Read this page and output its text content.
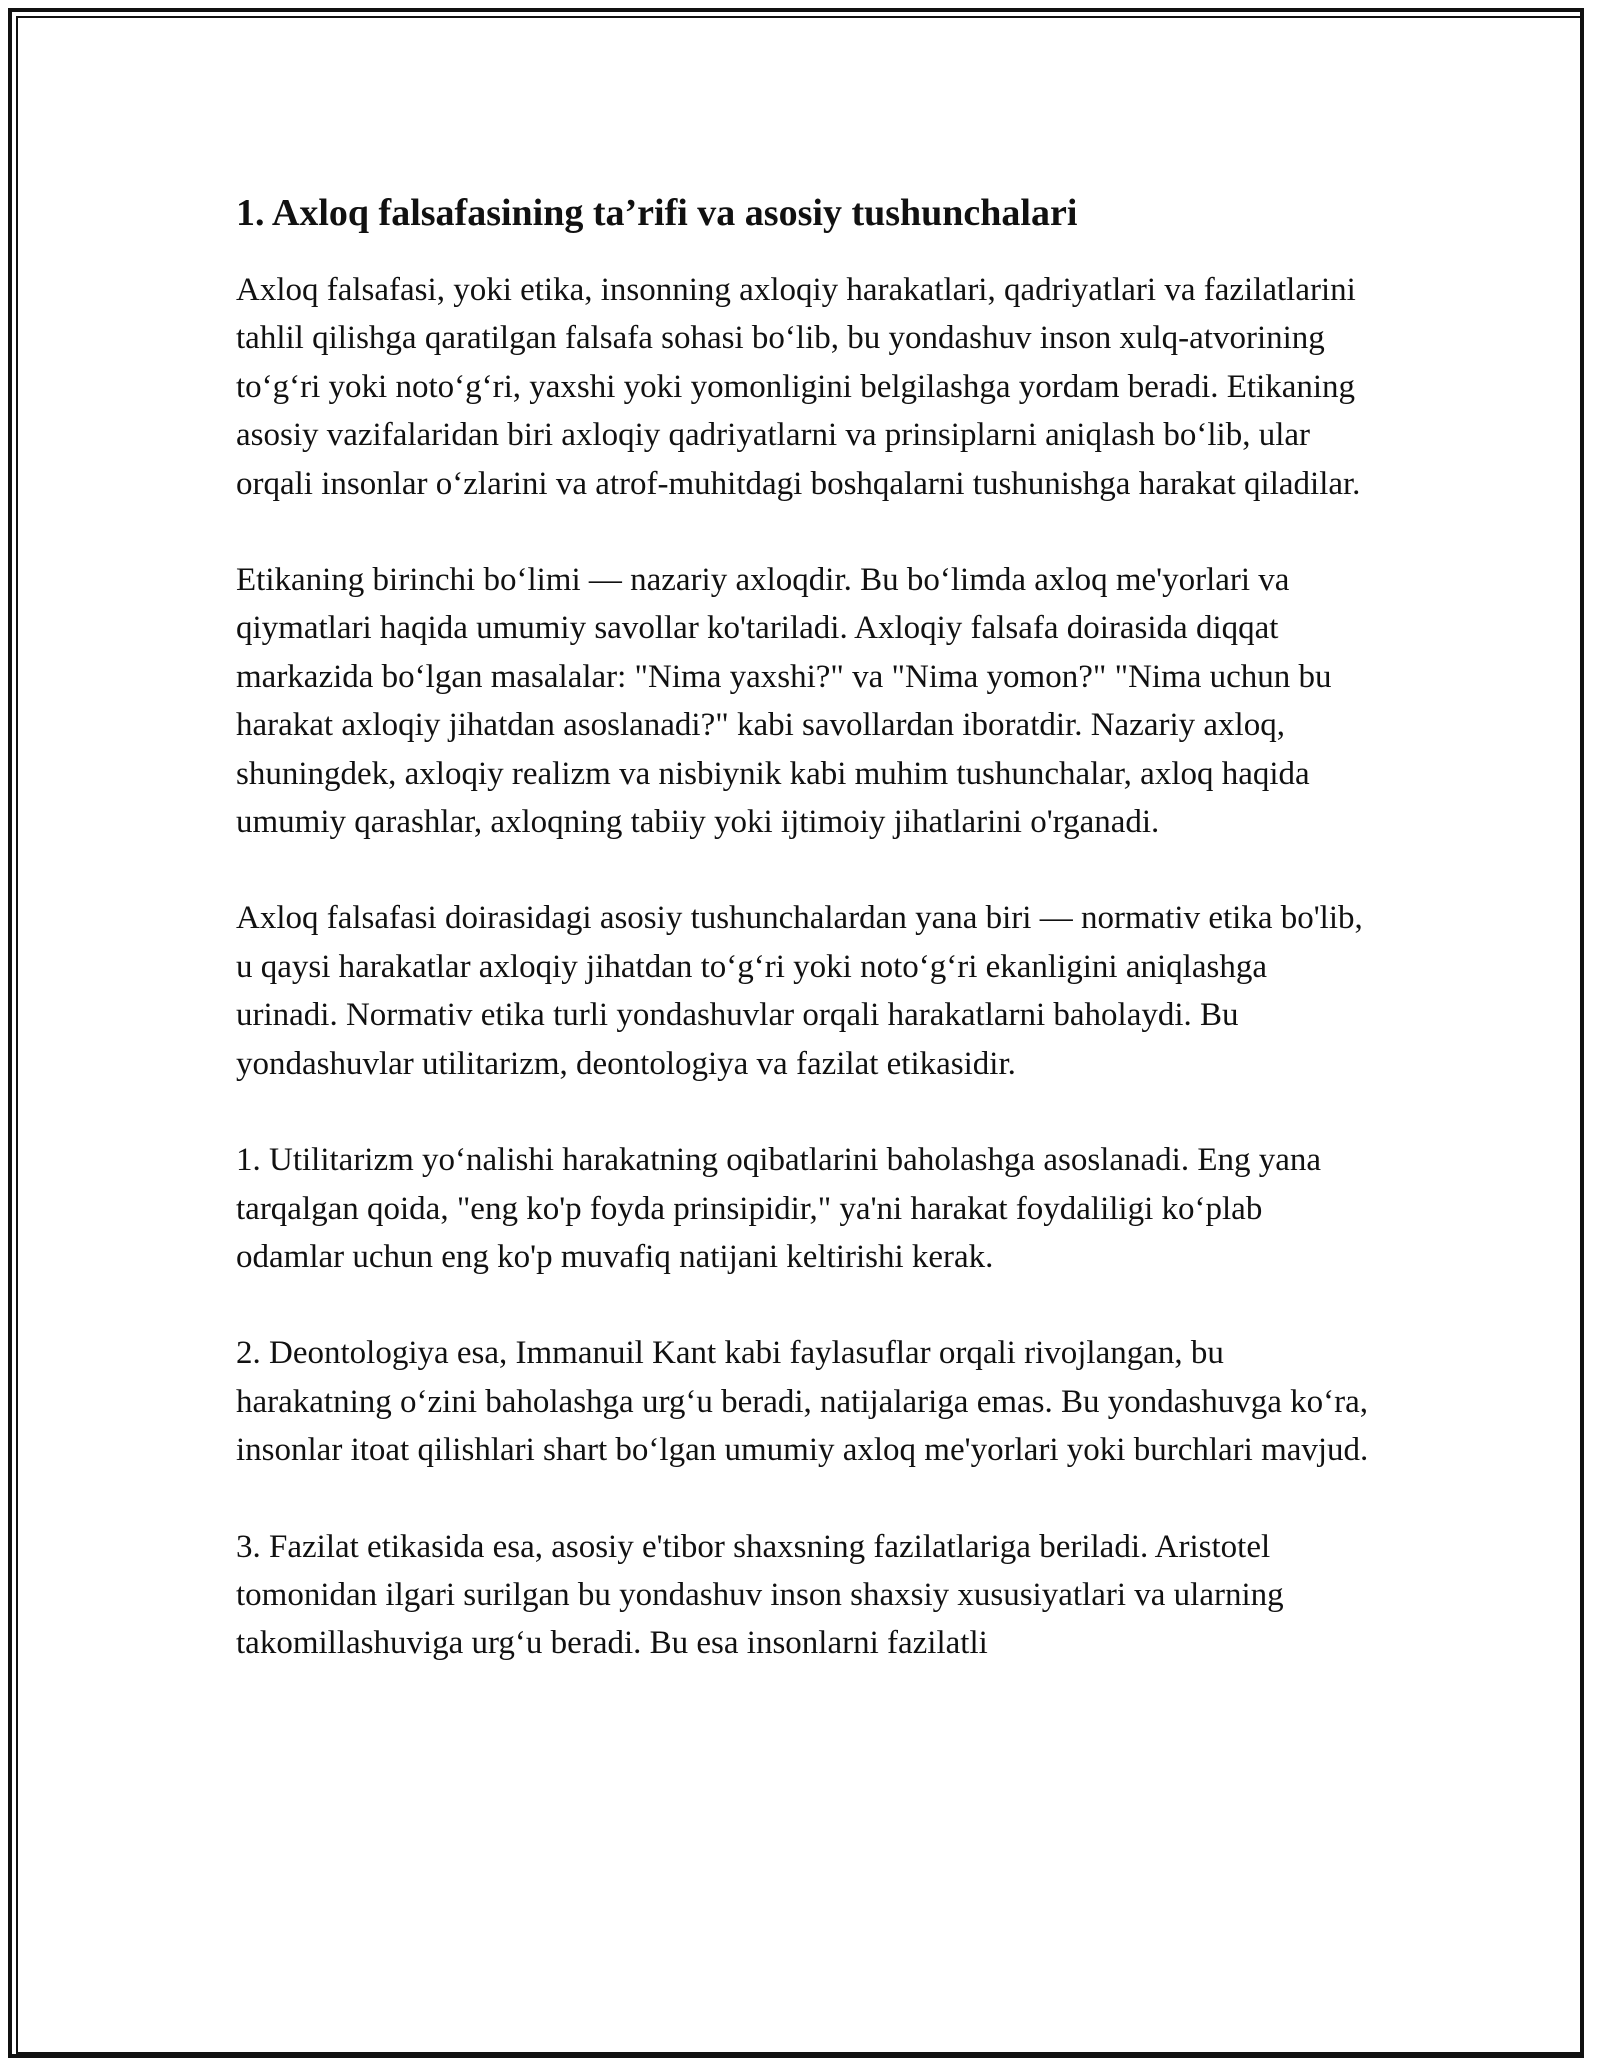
1. Axloq falsafasining ta’rifi va asosiy tushunchalari

Axloq falsafasi, yoki etika, insonning axloqiy harakatlari, qadriyatlari va fazilatlarini tahlil qilishga qaratilgan falsafa sohasi bo‘lib, bu yondashuv inson xulq-atvorining to‘g‘ri yoki noto‘g‘ri, yaxshi yoki yomonligini belgilashga yordam beradi. Etikaning asosiy vazifalaridan biri axloqiy qadriyatlarni va prinsiplarni aniqlash bo‘lib, ular orqali insonlar o‘zlarini va atrof-muhitdagi boshqalarni tushunishga harakat qiladilar.

Etikaning birinchi bo‘limi — nazariy axloqdir. Bu bo‘limda axloq me'yorlari va qiymatlari haqida umumiy savollar ko'tariladi. Axloqiy falsafa doirasida diqqat markazida bo‘lgan masalalar: "Nima yaxshi?" va "Nima yomon?" "Nima uchun bu harakat axloqiy jihatdan asoslanadi?" kabi savollardan iboratdir. Nazariy axloq, shuningdek, axloqiy realizm va nisbiynik kabi muhim tushunchalar, axloq haqida umumiy qarashlar, axloqning tabiiy yoki ijtimoiy jihatlarini o'rganadi.

Axloq falsafasi doirasidagi asosiy tushunchalardan yana biri — normativ etika bo'lib, u qaysi harakatlar axloqiy jihatdan to‘g‘ri yoki noto‘g‘ri ekanligini aniqlashga urinadi. Normativ etika turli yondashuvlar orqali harakatlarni baholaydi. Bu yondashuvlar utilitarizm, deontologiya va fazilat etikasidir.

1. Utilitarizm yo‘nalishi harakatning oqibatlarini baholashga asoslanadi. Eng yana tarqalgan qoida, "eng ko'p foyda prinsipidir," ya'ni harakat foydaliligi ko‘plab odamlar uchun eng ko'p muvafiq natijani keltirishi kerak.

2. Deontologiya esa, Immanuil Kant kabi faylasuflar orqali rivojlangan, bu harakatning o‘zini baholashga urg‘u beradi, natijalariga emas. Bu yondashuvga ko‘ra, insonlar itoat qilishlari shart bo‘lgan umumiy axloq me'yorlari yoki burchlari mavjud.

3. Fazilat etikasida esa, asosiy e'tibor shaxsning fazilatlariga beriladi. Aristotel tomonidan ilgari surilgan bu yondashuv inson shaxsiy xususiyatlari va ularning takomillashuviga urg‘u beradi. Bu esa insonlarni fazilatli
